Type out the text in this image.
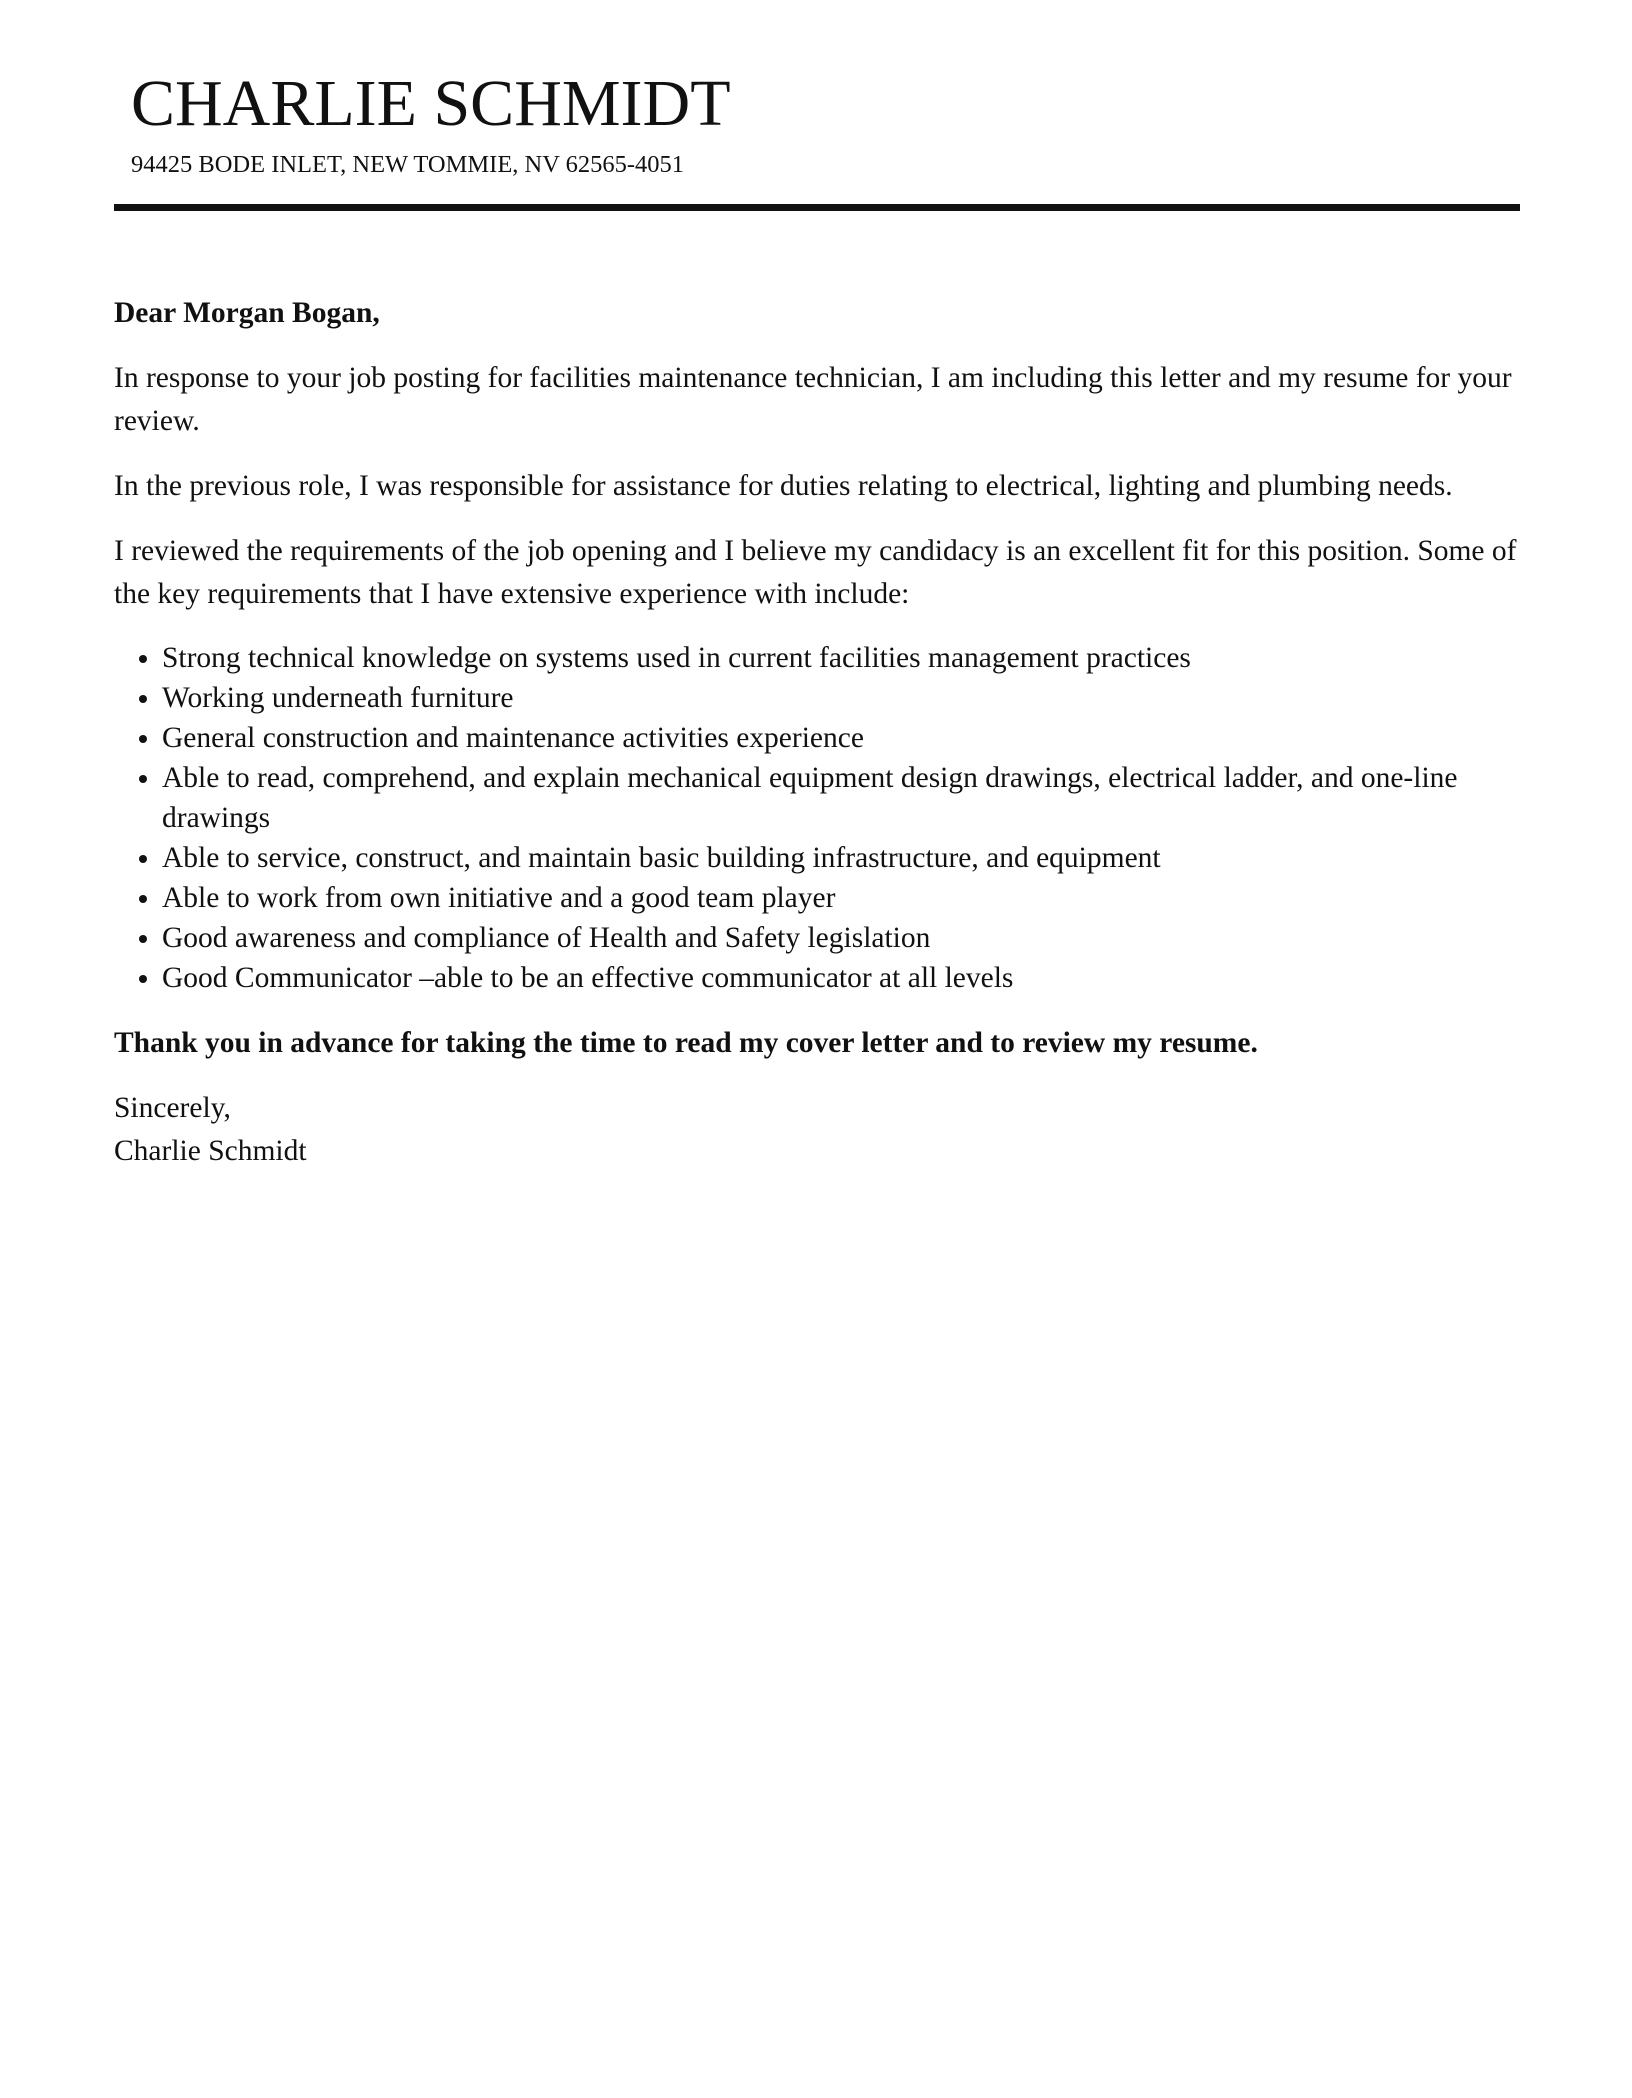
CHARLIE SCHMIDT
94425 BODE INLET, NEW TOMMIE, NV 62565-4051

Dear Morgan Bogan,

In response to your job posting for facilities maintenance technician, I am including this letter and my resume for your review.

In the previous role, I was responsible for assistance for duties relating to electrical, lighting and plumbing needs.

I reviewed the requirements of the job opening and I believe my candidacy is an excellent fit for this position. Some of the key requirements that I have extensive experience with include:

• Strong technical knowledge on systems used in current facilities management practices
• Working underneath furniture
• General construction and maintenance activities experience
• Able to read, comprehend, and explain mechanical equipment design drawings, electrical ladder, and one-line drawings
• Able to service, construct, and maintain basic building infrastructure, and equipment
• Able to work from own initiative and a good team player
• Good awareness and compliance of Health and Safety legislation
• Good Communicator –able to be an effective communicator at all levels

Thank you in advance for taking the time to read my cover letter and to review my resume.

Sincerely,

Charlie Schmidt
